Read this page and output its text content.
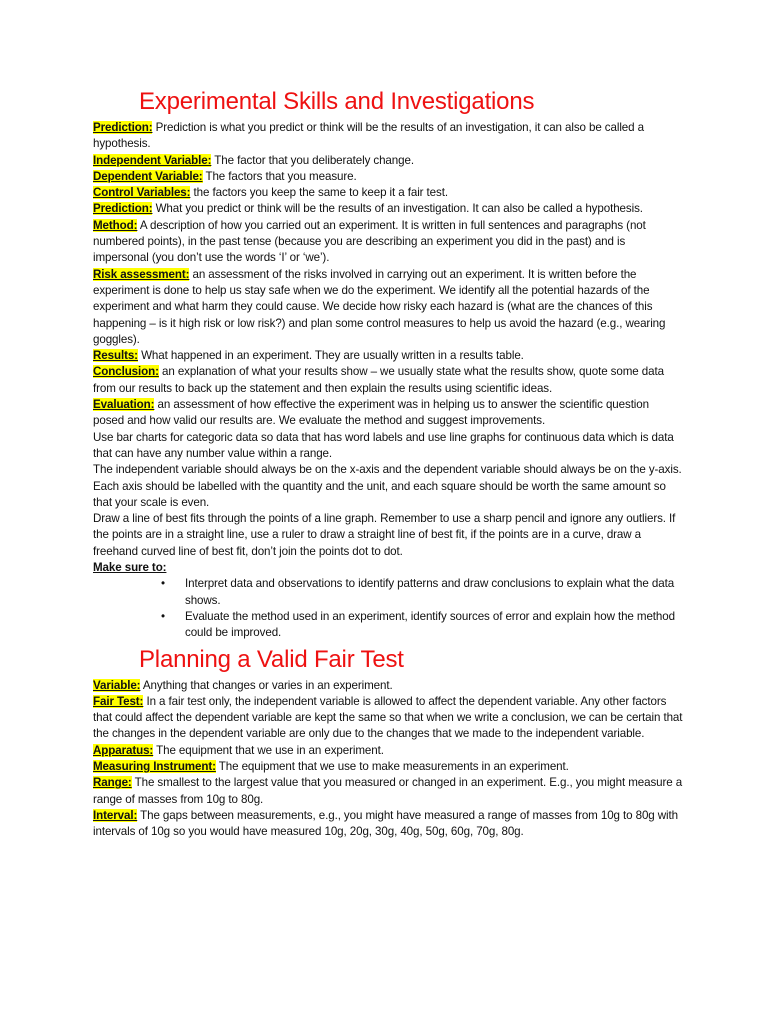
Experimental Skills and Investigations

Prediction: Prediction is what you predict or think will be the results of an investigation, it can also be called a hypothesis.

Independent Variable: The factor that you deliberately change.

Dependent Variable: The factors that you measure.

Control Variables: the factors you keep the same to keep it a fair test.

Prediction: What you predict or think will be the results of an investigation. It can also be called a hypothesis.

Method: A description of how you carried out an experiment. It is written in full sentences and paragraphs (not numbered points), in the past tense (because you are describing an experiment you did in the past) and is impersonal (you don’t use the words ‘I’ or ‘we’).

Risk assessment: an assessment of the risks involved in carrying out an experiment. It is written before the experiment is done to help us stay safe when we do the experiment. We identify all the potential hazards of the experiment and what harm they could cause. We decide how risky each hazard is (what are the chances of this happening – is it high risk or low risk?) and plan some control measures to help us avoid the hazard (e.g., wearing goggles).

Results: What happened in an experiment. They are usually written in a results table.

Conclusion: an explanation of what your results show – we usually state what the results show, quote some data from our results to back up the statement and then explain the results using scientific ideas.

Evaluation: an assessment of how effective the experiment was in helping us to answer the scientific question posed and how valid our results are. We evaluate the method and suggest improvements.

Use bar charts for categoric data so data that has word labels and use line graphs for continuous data which is data that can have any number value within a range.

The independent variable should always be on the x-axis and the dependent variable should always be on the y-axis.

Each axis should be labelled with the quantity and the unit, and each square should be worth the same amount so that your scale is even.

Draw a line of best fits through the points of a line graph. Remember to use a sharp pencil and ignore any outliers. If the points are in a straight line, use a ruler to draw a straight line of best fit, if the points are in a curve, draw a freehand curved line of best fit, don’t join the points dot to dot.

Make sure to:

• Interpret data and observations to identify patterns and draw conclusions to explain what the data shows.
• Evaluate the method used in an experiment, identify sources of error and explain how the method could be improved.
Planning a Valid Fair Test

Variable: Anything that changes or varies in an experiment.

Fair Test: In a fair test only, the independent variable is allowed to affect the dependent variable. Any other factors that could affect the dependent variable are kept the same so that when we write a conclusion, we can be certain that the changes in the dependent variable are only due to the changes that we made to the independent variable.

Apparatus: The equipment that we use in an experiment.

Measuring Instrument: The equipment that we use to make measurements in an experiment.

Range: The smallest to the largest value that you measured or changed in an experiment. E.g., you might measure a range of masses from 10g to 80g.

Interval: The gaps between measurements, e.g., you might have measured a range of masses from 10g to 80g with intervals of 10g so you would have measured 10g, 20g, 30g, 40g, 50g, 60g, 70g, 80g.
